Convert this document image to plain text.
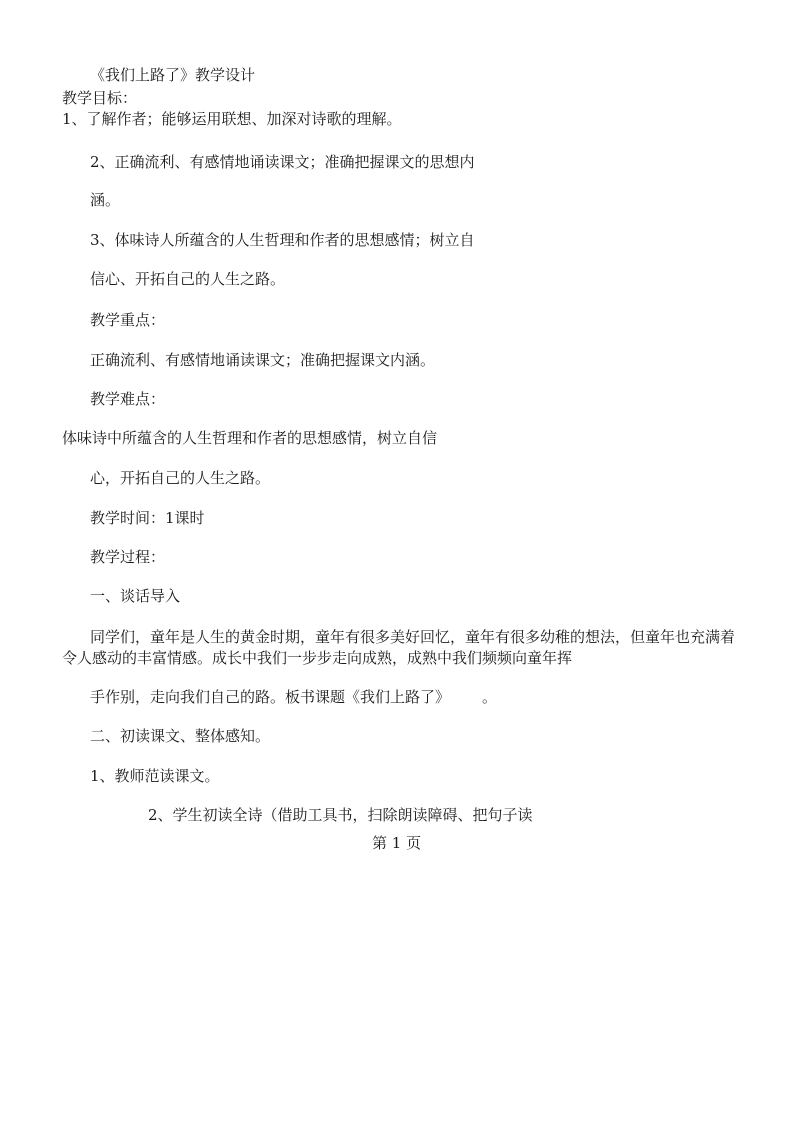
《我们上路了》教学设计
教学目标：
1、了解作者；能够运用联想、加深对诗歌的理解。
2、正确流利、有感情地诵读课文；准确把握课文的思想内
涵。
3、体味诗人所蕴含的人生哲理和作者的思想感情；树立自
信心、开拓自己的人生之路。
教学重点：
正确流利、有感情地诵读课文；准确把握课文内涵。
教学难点：
体味诗中所蕴含的人生哲理和作者的思想感情，树立自信
心，开拓自己的人生之路。
教学时间：1课时
教学过程：
一、谈话导入
同学们，童年是人生的黄金时期，童年有很多美好回忆，童年有很多幼稚的想法，但童年也充满着
令人感动的丰富情感。成长中我们一步步走向成熟，成熟中我们频频向童年挥
手作别，走向我们自己的路。板书课题《我们上路了》 。
二、初读课文、整体感知。
1、教师范读课文。
2、学生初读全诗（借助工具书，扫除朗读障碍、把句子读
第 1 页
